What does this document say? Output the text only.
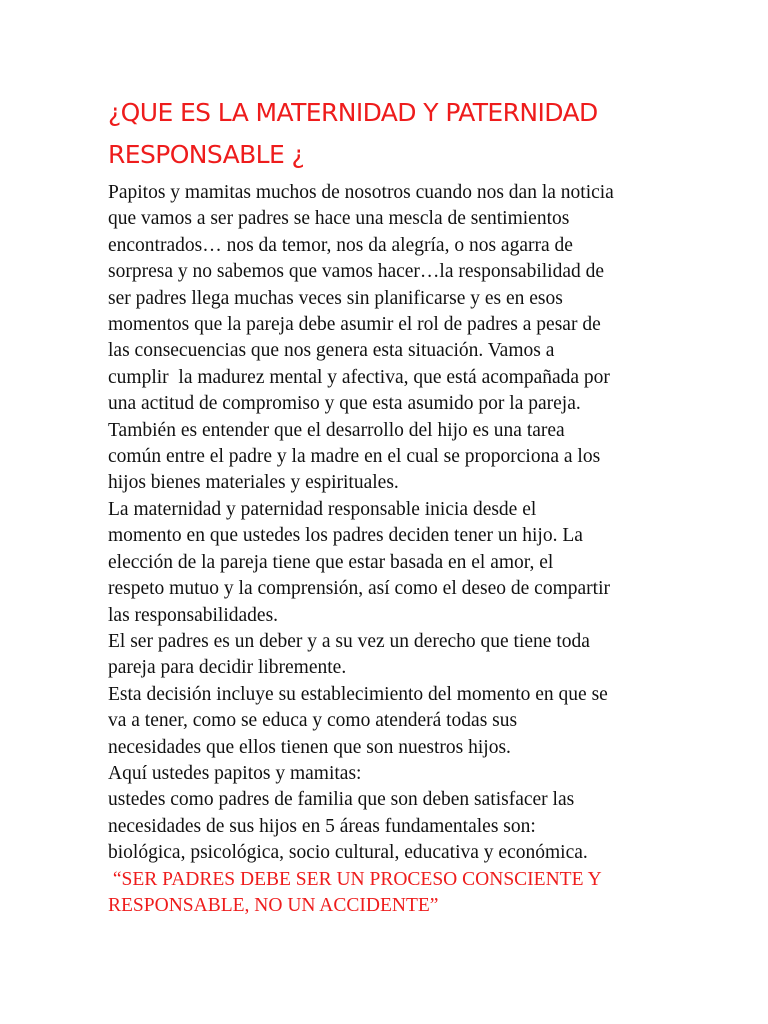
¿QUE ES LA MATERNIDAD Y PATERNIDAD
RESPONSABLE ¿
Papitos y mamitas muchos de nosotros cuando nos dan la noticia
que vamos a ser padres se hace una mescla de sentimientos
encontrados… nos da temor, nos da alegría, o nos agarra de
sorpresa y no sabemos que vamos hacer…la responsabilidad de
ser padres llega muchas veces sin planificarse y es en esos
momentos que la pareja debe asumir el rol de padres a pesar de
las consecuencias que nos genera esta situación. Vamos a
cumplir  la madurez mental y afectiva, que está acompañada por
una actitud de compromiso y que esta asumido por la pareja.
También es entender que el desarrollo del hijo es una tarea
común entre el padre y la madre en el cual se proporciona a los
hijos bienes materiales y espirituales.
La maternidad y paternidad responsable inicia desde el
momento en que ustedes los padres deciden tener un hijo. La
elección de la pareja tiene que estar basada en el amor, el
respeto mutuo y la comprensión, así como el deseo de compartir
las responsabilidades.
El ser padres es un deber y a su vez un derecho que tiene toda
pareja para decidir libremente.
Esta decisión incluye su establecimiento del momento en que se
va a tener, como se educa y como atenderá todas sus
necesidades que ellos tienen que son nuestros hijos.
Aquí ustedes papitos y mamitas:
ustedes como padres de familia que son deben satisfacer las
necesidades de sus hijos en 5 áreas fundamentales son:
biológica, psicológica, socio cultural, educativa y económica.
“SER PADRES DEBE SER UN PROCESO CONSCIENTE Y
RESPONSABLE, NO UN ACCIDENTE”
